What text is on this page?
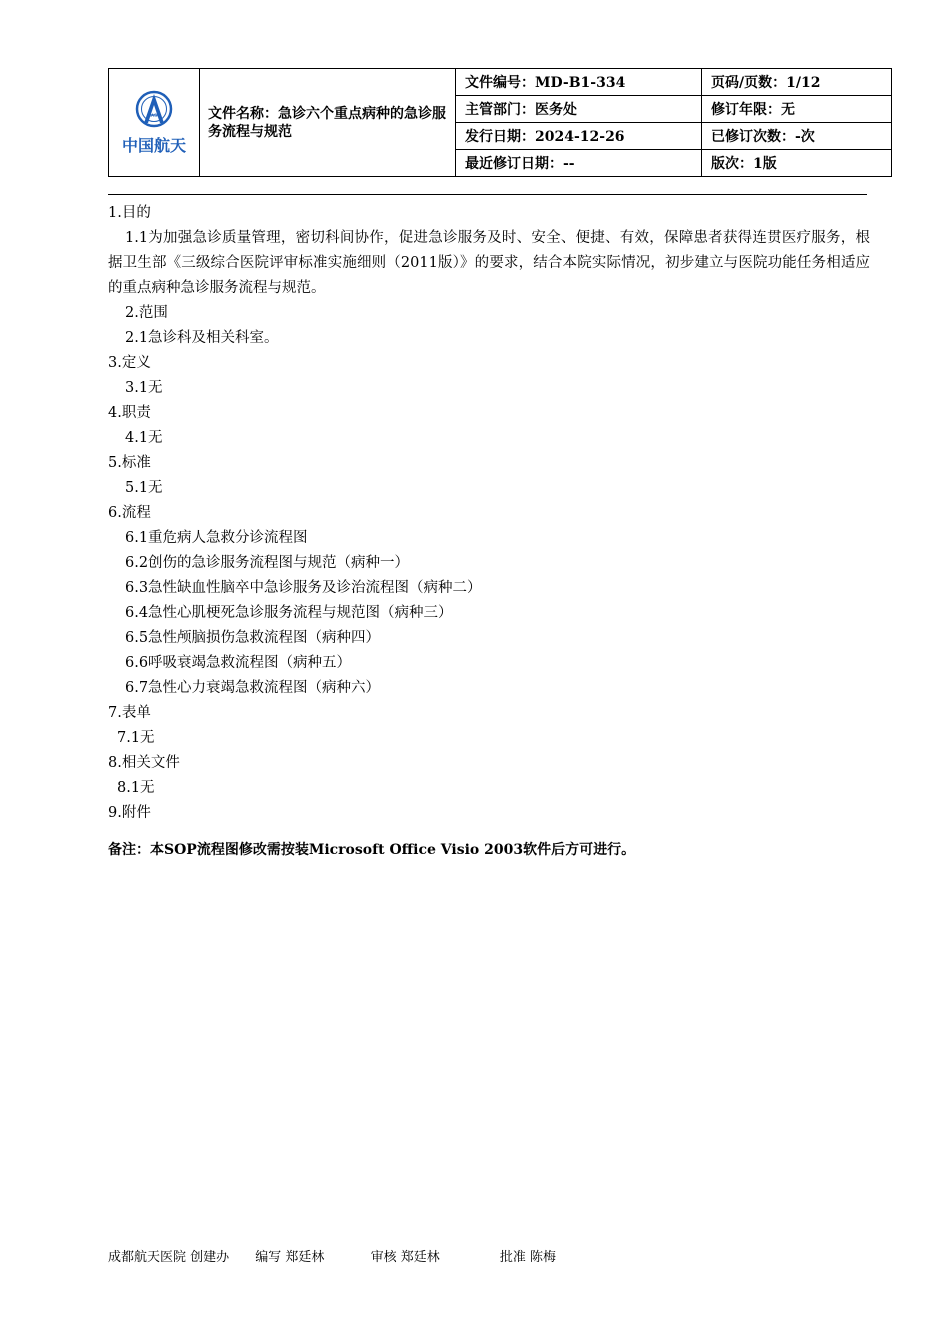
CASC
中国航天	文件名称：急诊六个重点病种的急诊服务流程与规范	文件编号：MD-B1-334	页码/页数：1/12
		主管部门：医务处	修订年限：无
		发行日期：2024-12-26	已修订次数：-次
		最近修订日期：--	版次：1版

1.目的

1.1为加强急诊质量管理，密切科间协作，促进急诊服务及时、安全、便捷、有效，保障患者获得连贯医疗服务，根据卫生部《三级综合医院评审标准实施细则（2011版）》的要求，结合本院实际情况，初步建立与医院功能任务相适应的重点病种急诊服务流程与规范。

2.范围

2.1急诊科及相关科室。

3.定义

3.1无

4.职责

4.1无

5.标准

5.1无

6.流程

6.1重危病人急救分诊流程图

6.2创伤的急诊服务流程图与规范（病种一）

6.3急性缺血性脑卒中急诊服务及诊治流程图（病种二）

6.4急性心肌梗死急诊服务流程与规范图（病种三）

6.5急性颅脑损伤急救流程图（病种四）

6.6呼吸衰竭急救流程图（病种五）

6.7急性心力衰竭急救流程图（病种六）

7.表单

7.1无

8.相关文件

8.1无

9.附件

备注：本SOP流程图修改需按装Microsoft Office Visio 2003软件后方可进行。

成都航天医院 创建办 编写 郑廷林	审核 郑廷林	批准 陈梅
